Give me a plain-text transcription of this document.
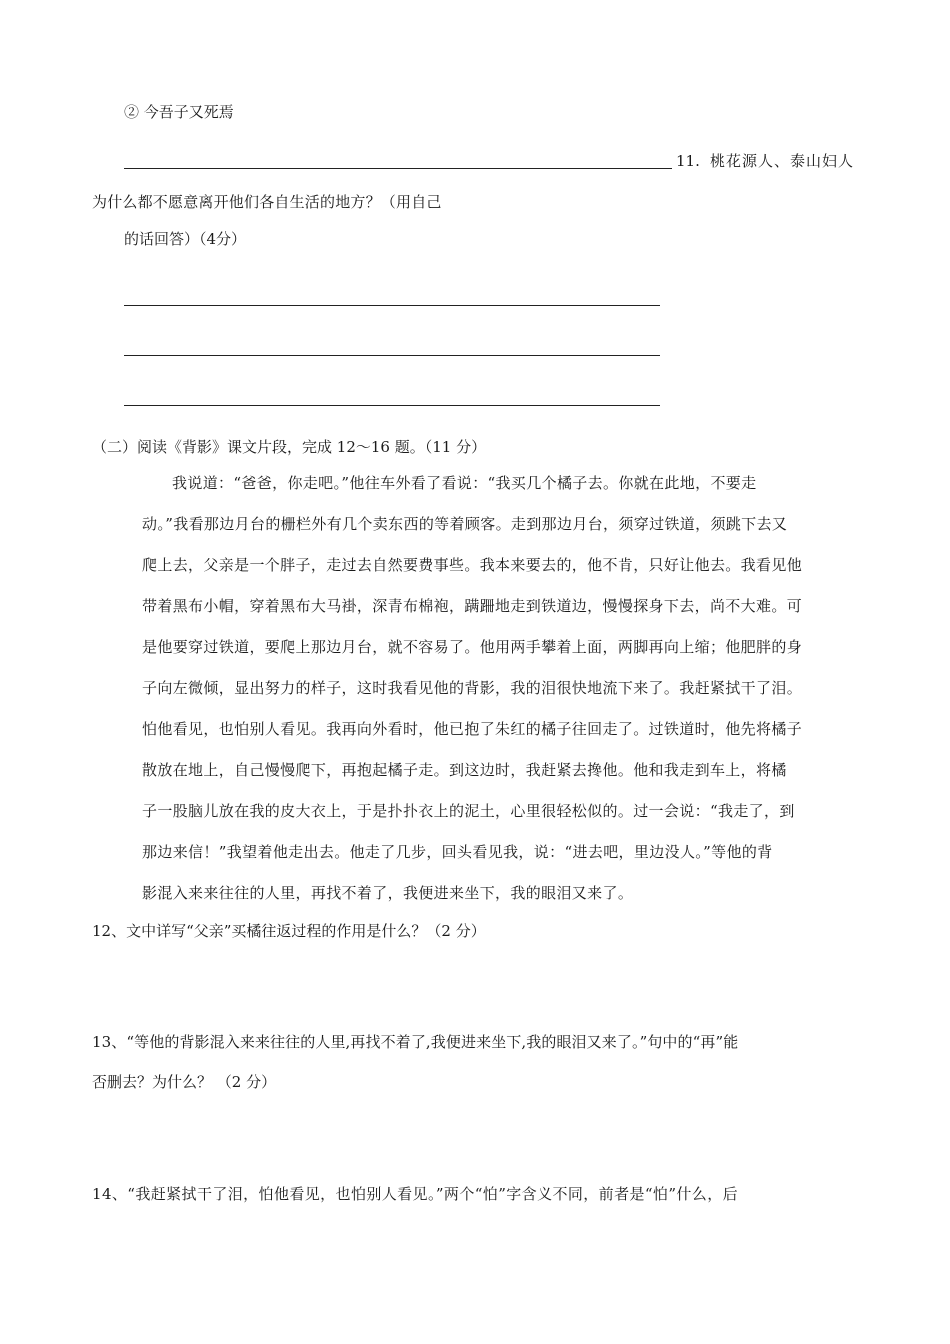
② 今吾子又死焉
11. 桃花源人、泰山妇人
为什么都不愿意离开他们各自生活的地方？（用自己
的话回答）（4分）
（二）阅读《背影》课文片段，完成 12～16 题。（11 分）
我说道：“爸爸，你走吧。”他往车外看了看说：“我买几个橘子去。你就在此地，不要走
动。”我看那边月台的栅栏外有几个卖东西的等着顾客。走到那边月台，须穿过铁道，须跳下去又
爬上去，父亲是一个胖子，走过去自然要费事些。我本来要去的，他不肯，只好让他去。我看见他
带着黑布小帽，穿着黑布大马褂，深青布棉袍，蹒跚地走到铁道边，慢慢探身下去，尚不大难。可
是他要穿过铁道，要爬上那边月台，就不容易了。他用两手攀着上面，两脚再向上缩；他肥胖的身
子向左微倾，显出努力的样子，这时我看见他的背影，我的泪很快地流下来了。我赶紧拭干了泪。
怕他看见，也怕别人看见。我再向外看时，他已抱了朱红的橘子往回走了。过铁道时，他先将橘子
散放在地上，自己慢慢爬下，再抱起橘子走。到这边时，我赶紧去搀他。他和我走到车上，将橘
子一股脑儿放在我的皮大衣上，于是扑扑衣上的泥土，心里很轻松似的。过一会说：“我走了，到
那边来信！”我望着他走出去。他走了几步，回头看见我，说：“进去吧，里边没人。”等他的背
影混入来来往往的人里，再找不着了，我便进来坐下，我的眼泪又来了。
12、文中详写“父亲”买橘往返过程的作用是什么？（2 分）
13、“等他的背影混入来来往往的人里,再找不着了,我便进来坐下,我的眼泪又来了。”句中的“再”能
否删去？为什么？ （2 分）
14、“我赶紧拭干了泪，怕他看见，也怕别人看见。”两个“怕”字含义不同，前者是“怕”什么，后
